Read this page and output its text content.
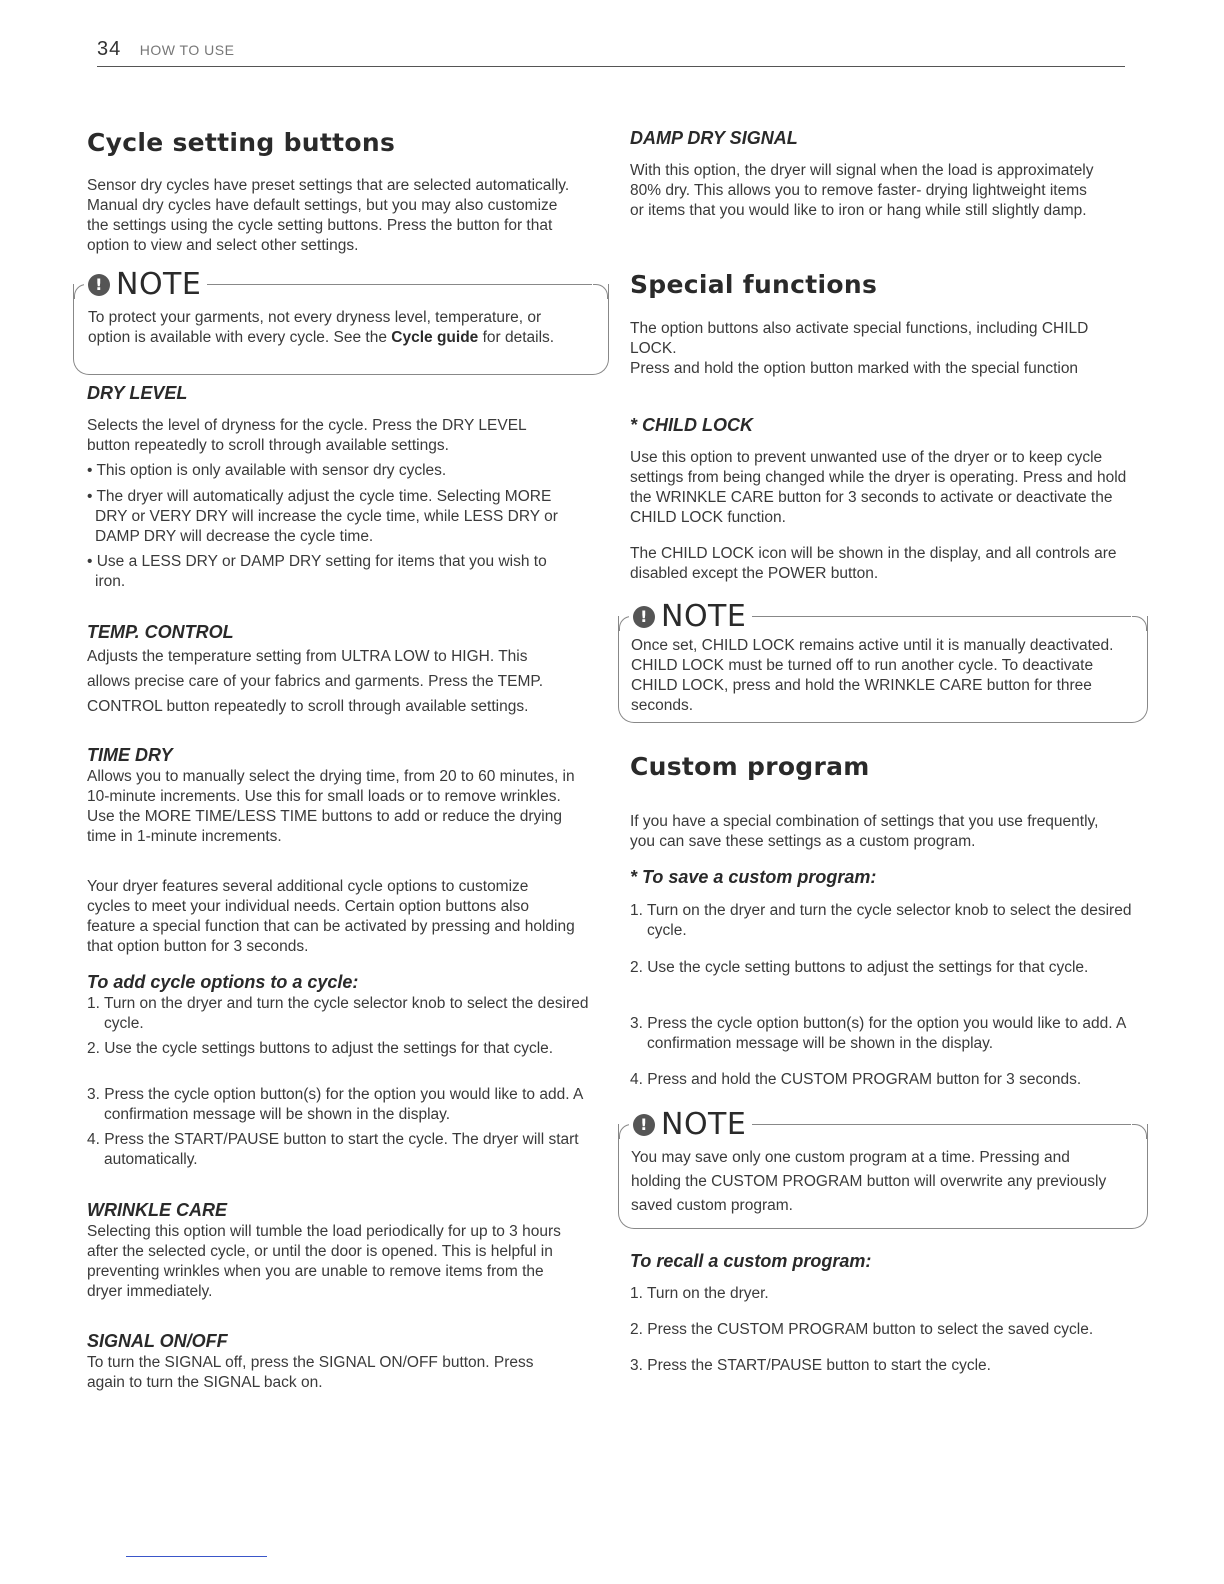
34 HOW TO USE
Cycle setting buttons

Sensor dry cycles have preset settings that are selected automatically. Manual dry cycles have default settings, but you may also customize the settings using the cycle setting buttons. Press the button for that option to view and select other settings.

! NOTE
To protect your garments, not every dryness level, temperature, or option is available with every cycle. See the Cycle guide for details.
DRY LEVEL

Selects the level of dryness for the cycle. Press the DRY LEVEL button repeatedly to scroll through available settings.

• This option is only available with sensor dry cycles.

• The dryer will automatically adjust the cycle time. Selecting MORE DRY or VERY DRY will increase the cycle time, while LESS DRY or DAMP DRY will decrease the cycle time.

• Use a LESS DRY or DAMP DRY setting for items that you wish to iron.

TEMP. CONTROL

Adjusts the temperature setting from ULTRA LOW to HIGH. This allows precise care of your fabrics and garments. Press the TEMP. CONTROL button repeatedly to scroll through available settings.

TIME DRY

Allows you to manually select the drying time, from 20 to 60 minutes, in 10-minute increments. Use this for small loads or to remove wrinkles. Use the MORE TIME/LESS TIME buttons to add or reduce the drying time in 1-minute increments.

Your dryer features several additional cycle options to customize cycles to meet your individual needs. Certain option buttons also feature a special function that can be activated by pressing and holding that option button for 3 seconds.

To add cycle options to a cycle:

1. Turn on the dryer and turn the cycle selector knob to select the desired cycle.

2. Use the cycle settings buttons to adjust the settings for that cycle.

3. Press the cycle option button(s) for the option you would like to add. A confirmation message will be shown in the display.

4. Press the START/PAUSE button to start the cycle. The dryer will start automatically.

WRINKLE CARE

Selecting this option will tumble the load periodically for up to 3 hours after the selected cycle, or until the door is opened. This is helpful in preventing wrinkles when you are unable to remove items from the dryer immediately.

SIGNAL ON/OFF

To turn the SIGNAL off, press the SIGNAL ON/OFF button. Press again to turn the SIGNAL back on.

DAMP DRY SIGNAL

With this option, the dryer will signal when the load is approximately 80% dry. This allows you to remove faster- drying lightweight items or items that you would like to iron or hang while still slightly damp.

Special functions

The option buttons also activate special functions, including CHILD LOCK.

Press and hold the option button marked with the special function

* CHILD LOCK

Use this option to prevent unwanted use of the dryer or to keep cycle settings from being changed while the dryer is operating. Press and hold the WRINKLE CARE button for 3 seconds to activate or deactivate the CHILD LOCK function.

The CHILD LOCK icon will be shown in the display, and all controls are disabled except the POWER button.

! NOTE
Once set, CHILD LOCK remains active until it is manually deactivated. CHILD LOCK must be turned off to run another cycle. To deactivate CHILD LOCK, press and hold the WRINKLE CARE button for three seconds.
Custom program

If you have a special combination of settings that you use frequently, you can save these settings as a custom program.

* To save a custom program:

1. Turn on the dryer and turn the cycle selector knob to select the desired cycle.

2. Use the cycle setting buttons to adjust the settings for that cycle.

3. Press the cycle option button(s) for the option you would like to add. A confirmation message will be shown in the display.

4. Press and hold the CUSTOM PROGRAM button for 3 seconds.

! NOTE
You may save only one custom program at a time. Pressing and holding the CUSTOM PROGRAM button will overwrite any previously saved custom program.
To recall a custom program:

1. Turn on the dryer.

2. Press the CUSTOM PROGRAM button to select the saved cycle.

3. Press the START/PAUSE button to start the cycle.
